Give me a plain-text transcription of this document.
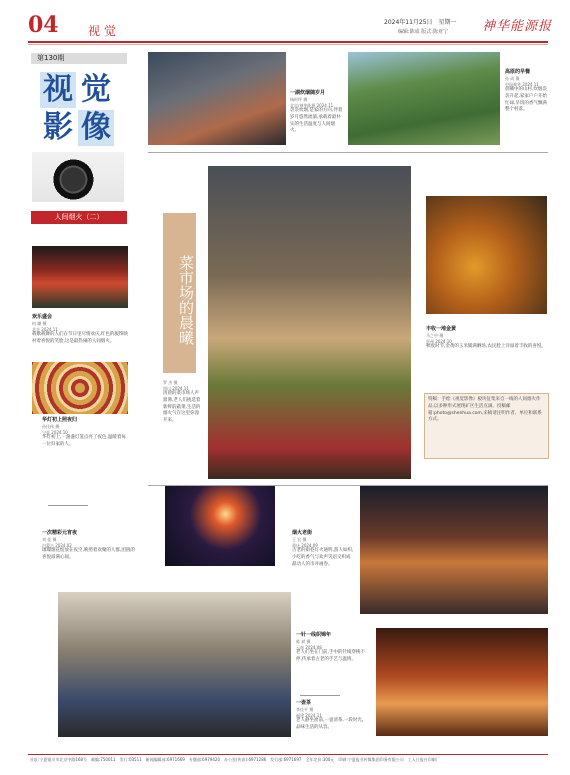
04 视觉
2024年11月25日　星期一
编辑:陈成 版式:陈亚宁	神华能源报
第130期
视 觉
影 像
人间烟火（二）
一湖炊烟随岁月
杨柯坪 摄
北京/神华能源 2024.11
袅袅炊烟,是家的方向,伴着岁月悠然流淌,承载着最朴实的生活温度与人间烟火。
高原的早餐
孙 成 摄
中国神华 2024.11
晨曦中的山村,炊烟袅袅升起,家家户户开始忙碌,早饭的香气飘满整个村落。
欢乐盛会
何 璐 摄
北京 2024.11
载歌载舞的人们在节日里尽情欢庆,红色的服饰映衬着喜悦的笑脸,这是最热闹的人间烟火。
华灯初上照夜归
孙佳伟 摄
宁夏 2024.10
华灯初上,一盏盏灯笼点亮了夜色,温暖着每一位归家的人。
一次精彩元宵夜
刘 佳 摄
内蒙古 2024.02
璀璨烟花绽放在夜空,映照着欢聚的人群,团圆的喜悦溢满心间。
菜市场的晨曦
罗 杰 摄
四川 2024.11
清晨的菜市场人声鼎沸,老人们挑选着新鲜的蔬菜,生活的烟火气在这里弥漫开来。
丰收一地金黄
马之中 摄
贵州 2024.10
秋收时节,金黄的玉米铺满晒场,农民脸上洋溢着丰收的喜悦。
特稿：手绘《视觉影像》板块征集来自一线的人间烟火作品,以多种形式展现矿区生活点滴。投稿邮箱:photo@shenhua.com,来稿请注明作者、单位和联系方式。
烟火老街
王 宏 摄
重庆 2024.09
古老的街巷灯火通明,游人如织,小吃的香气与欢声笑语交织成最动人的市井画卷。
一针一线织锦年
陈 斌 摄
云南 2024.08
老人们坐在门前,手中的针线穿梭不停,传承着古老的手艺与温情。
一壶茶
李佳平 摄
福建 2024.11
老人静坐窗前,一壶清茶,一段时光,品味生活的从容。
社址:宁夏银川市北京中路168号　邮编:750011　发行:03511　新闻编辑部:6971669　专题部:6979420　办公室(传真):6971286　发行部:6971697　全年定价:300元　印刷:宁夏报业传媒集团印务有限公司　工人日报社印刷厂
